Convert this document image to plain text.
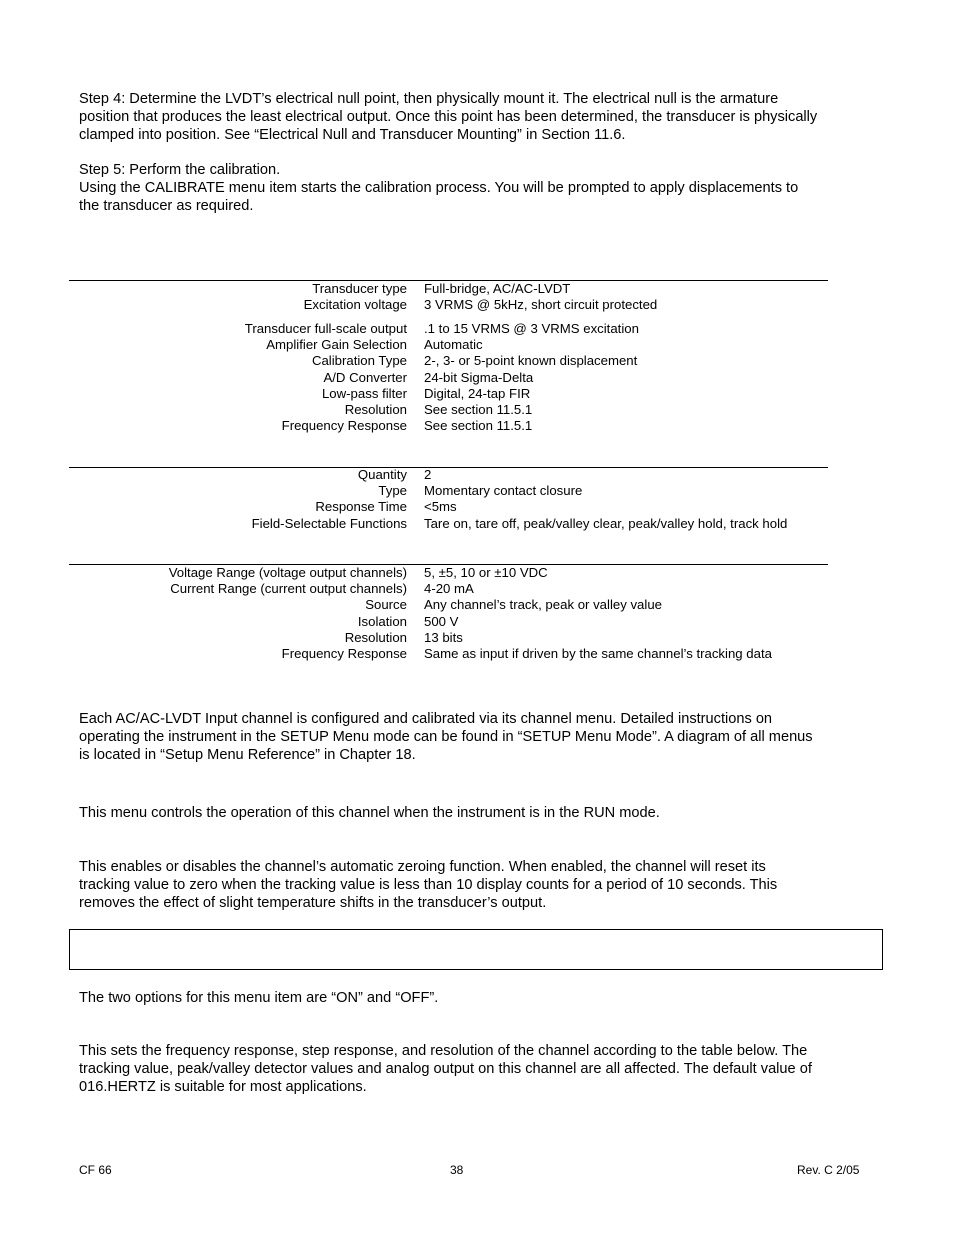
Step 4: Determine the LVDT’s electrical null point, then physically mount it. The electrical null is the armature

position that produces the least electrical output. Once this point has been determined, the transducer is physically

clamped into position. See “Electrical Null and Transducer Mounting” in Section 11.6.

Step 5: Perform the calibration.

Using the CALIBRATE menu item starts the calibration process. You will be prompted to apply displacements to

the transducer as required.

Transducer type	Full-bridge, AC/AC-LVDT
Excitation voltage	3 VRMS @ 5kHz, short circuit protected
Transducer full-scale output	.1 to 15 VRMS @ 3 VRMS excitation
Amplifier Gain Selection	Automatic
Calibration Type	2-, 3- or 5-point known displacement
A/D Converter	24-bit Sigma-Delta
Low-pass filter	Digital, 24-tap FIR
Resolution	See section 11.5.1
Frequency Response	See section 11.5.1
Quantity	2
Type	Momentary contact closure
Response Time	<5ms
Field-Selectable Functions	Tare on, tare off, peak/valley clear, peak/valley hold, track hold
Voltage Range (voltage output channels)	5, ±5, 10 or ±10 VDC
Current Range (current output channels)	4-20 mA
Source	Any channel’s track, peak or valley value
Isolation	500 V
Resolution	13 bits
Frequency Response	Same as input if driven by the same channel’s tracking data

Each AC/AC-LVDT Input channel is configured and calibrated via its channel menu. Detailed instructions on

operating the instrument in the SETUP Menu mode can be found in “SETUP Menu Mode”. A diagram of all menus

is located in “Setup Menu Reference” in Chapter 18.

This menu controls the operation of this channel when the instrument is in the RUN mode.

This enables or disables the channel’s automatic zeroing function. When enabled, the channel will reset its

tracking value to zero when the tracking value is less than 10 display counts for a period of 10 seconds. This

removes the effect of slight temperature shifts in the transducer’s output.

The two options for this menu item are “ON” and “OFF”.

This sets the frequency response, step response, and resolution of the channel according to the table below. The

tracking value, peak/valley detector values and analog output on this channel are all affected. The default value of

016.HERTZ is suitable for most applications.

CF 66	38	Rev. C 2/05
